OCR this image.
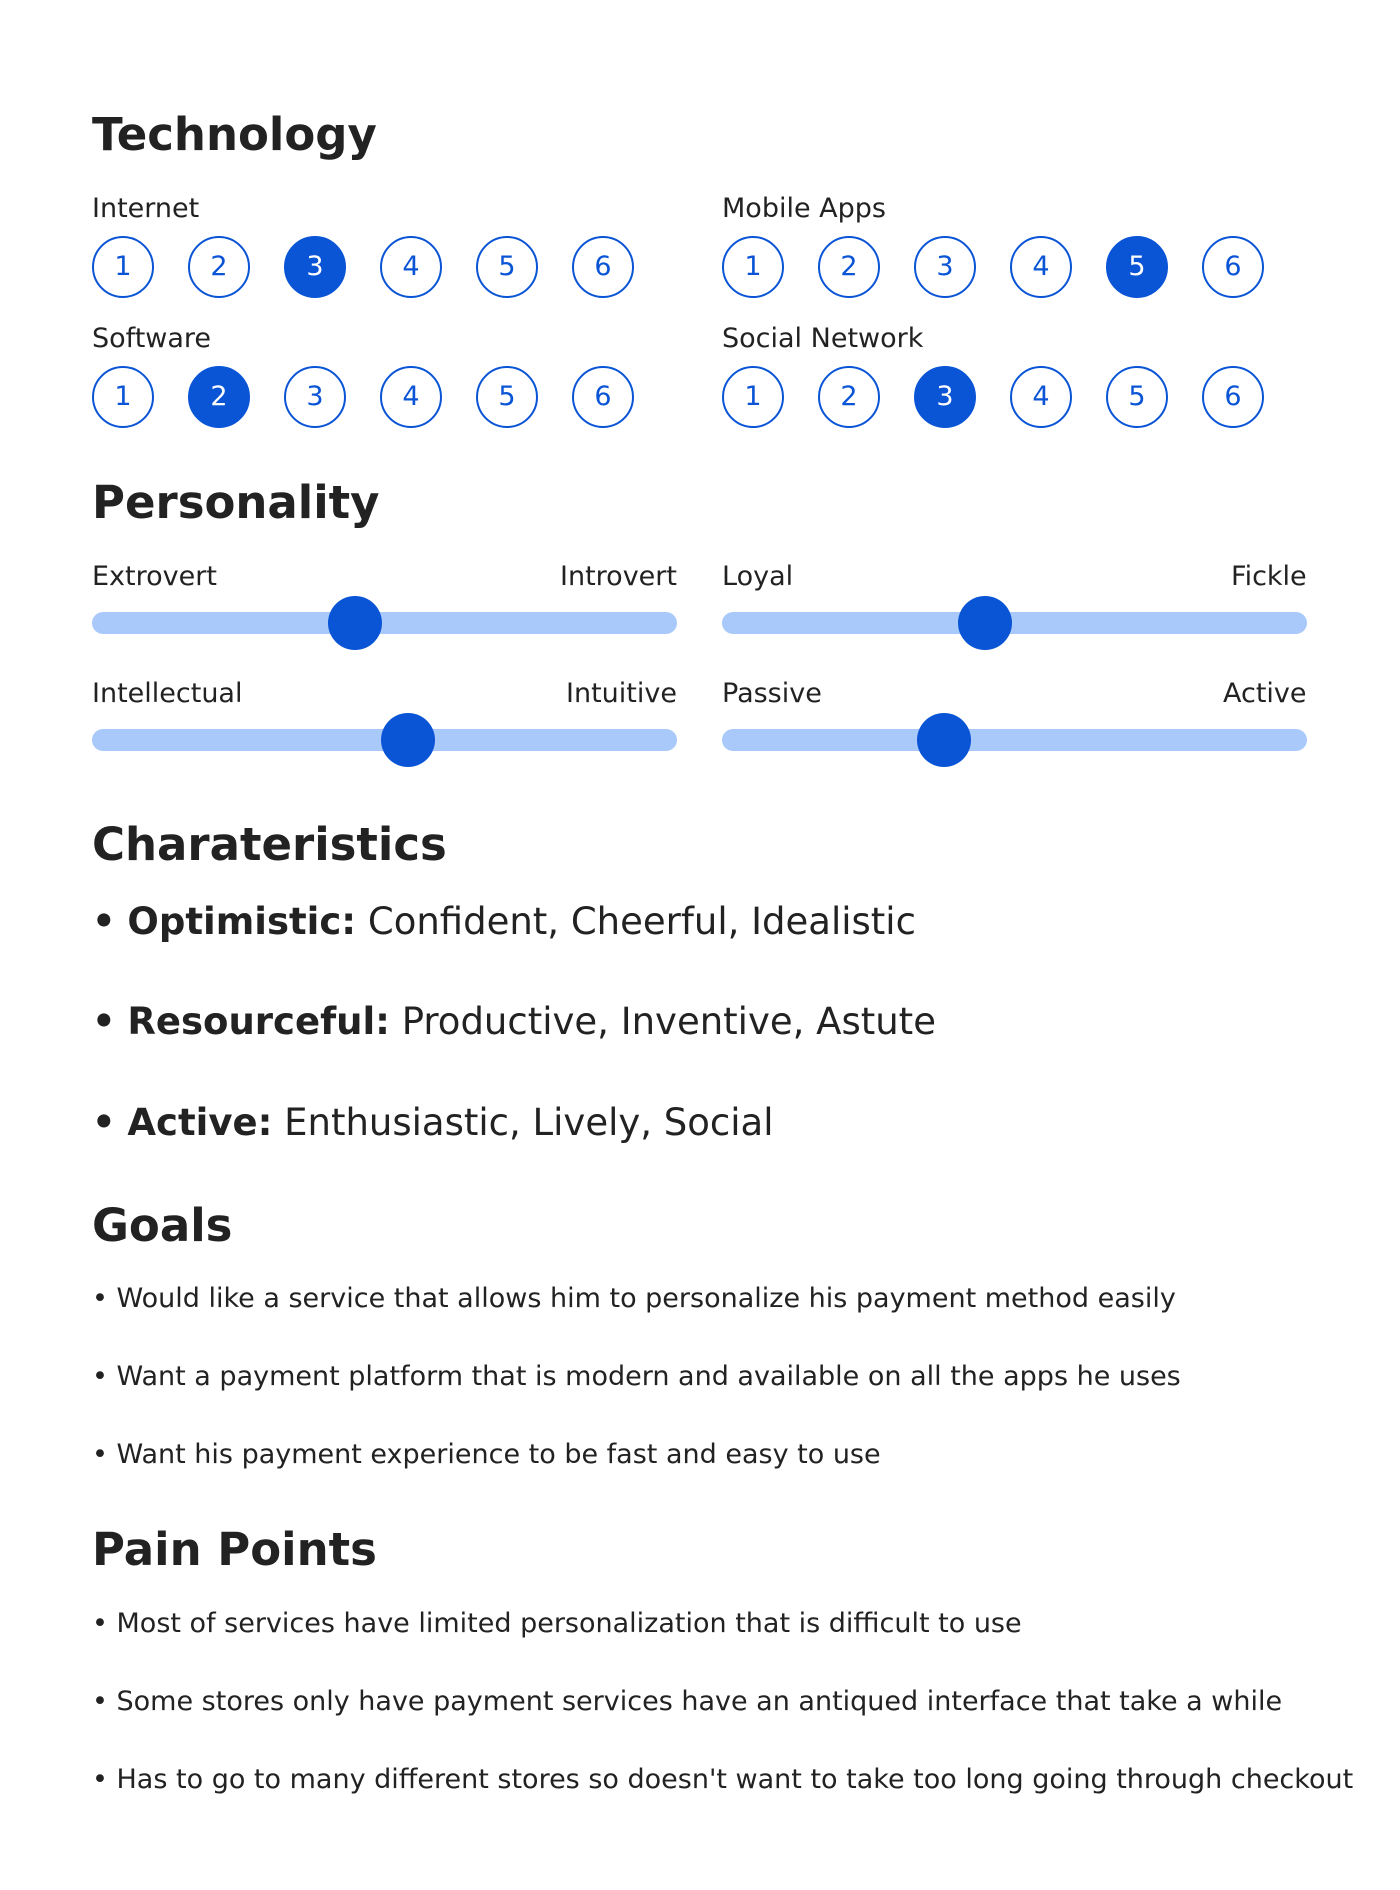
Technology
Internet
1	2	3	4	5	6
Mobile Apps
1	2	3	4	5	6
Software
1	2	3	4	5	6
Social Network
1	2	3	4	5	6
Personality
Extrovert	Introvert Loyal	Fickle
Intellectual	Intuitive Passive	Active
Charateristics
• Optimistic: Confident, Cheerful, Idealistic
• Resourceful: Productive, Inventive, Astute
• Active: Enthusiastic, Lively, Social
Goals
• Would like a service that allows him to personalize his payment method easily
• Want a payment platform that is modern and available on all the apps he uses
• Want his payment experience to be fast and easy to use
Pain Points
• Most of services have limited personalization that is difficult to use
• Some stores only have payment services have an antiqued interface that take a while
• Has to go to many different stores so doesn't want to take too long going through checkout
